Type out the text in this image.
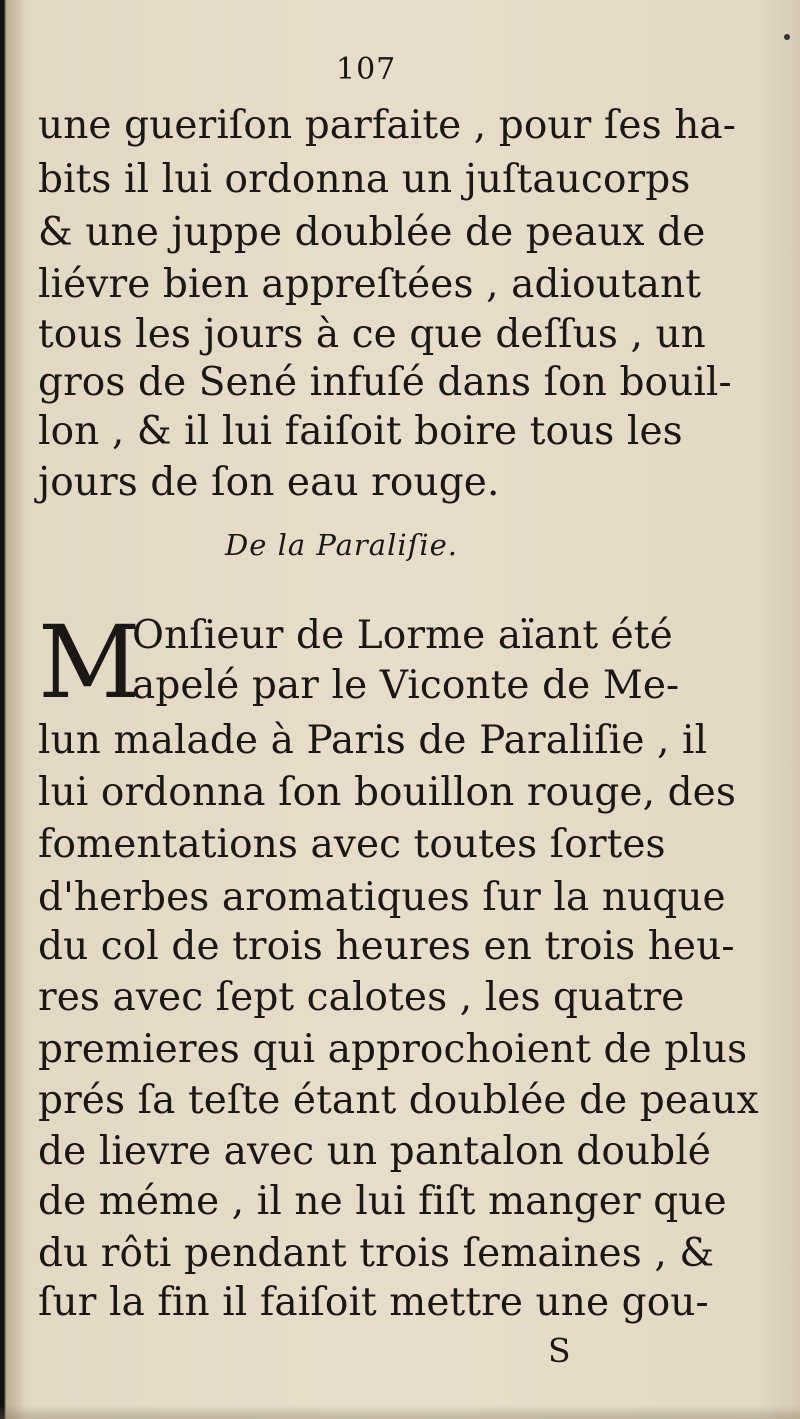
107
une gueriſon parfaite , pour ſes ha-
bits il lui ordonna un juſtaucorps
& une juppe doublée de peaux de
liévre bien appreſtées , adioutant
tous les jours à ce que deſſus , un
gros de Sené infuſé dans ſon bouil-
lon , & il lui faiſoit boire tous les
jours de ſon eau rouge.
De la Paraliſie.
M
Onſieur de Lorme aïant été
apelé par le Viconte de Me-
lun malade à Paris de Paraliſie , il
lui ordonna ſon bouillon rouge, des
fomentations avec toutes ſortes
d'herbes aromatiques ſur la nuque
du col de trois heures en trois heu-
res avec ſept calotes , les quatre
premieres qui approchoient de plus
prés ſa teſte étant doublée de peaux
de lievre avec un pantalon doublé
de méme , il ne lui fiſt manger que
du rôti pendant trois ſemaines , &
ſur la fin il faiſoit mettre une gou-
S
